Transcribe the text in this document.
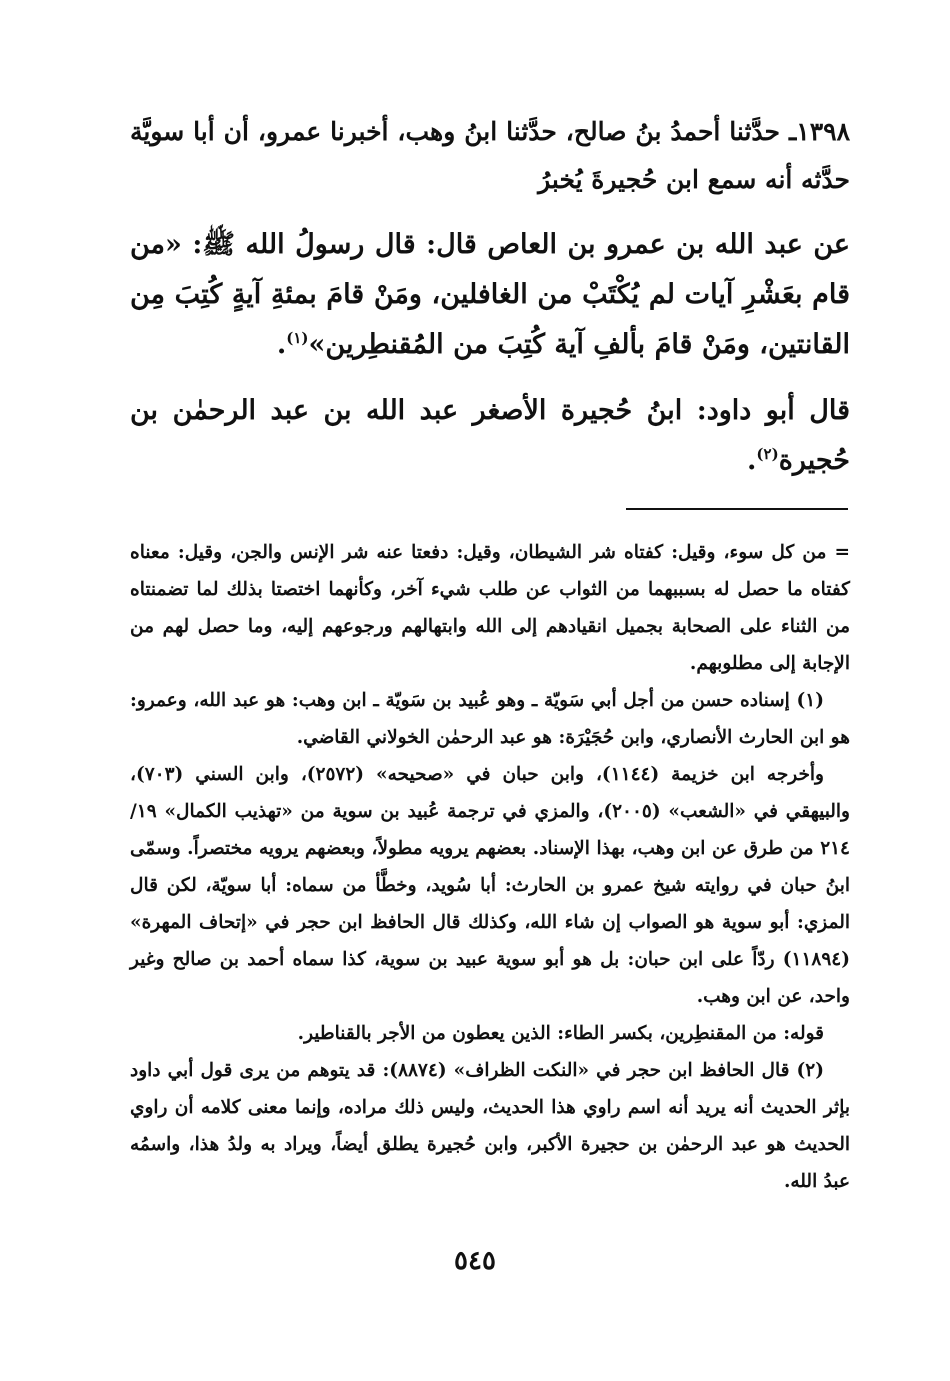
١٣٩٨ـ حدَّثنا أحمدُ بنُ صالح، حدَّثنا ابنُ وهب، أخبرنا عمرو، أن أبا سويَّة حدَّثه أنه سمع ابن حُجيرةَ يُخبرُ

عن عبد الله بن عمرو بن العاص قال: قال رسولُ الله ﷺ: «من قام بعَشْرِ آيات لم يُكْتَبْ من الغافلين، ومَنْ قامَ بمئةِ آيةٍ كُتِبَ مِن القانتين، ومَنْ قامَ بألفِ آية كُتِبَ من المُقنطِرين»$^{(١)}$.

قال أبو داود: ابنُ حُجيرة الأصغر عبد الله بن عبد الرحمٰن بن حُجيرة$^{(٢)}$.

= من كل سوء، وقيل: كفتاه شر الشيطان، وقيل: دفعتا عنه شر الإنس والجن، وقيل: معناه كفتاه ما حصل له بسببهما من الثواب عن طلب شيء آخر، وكأنهما اختصتا بذلك لما تضمنتاه من الثناء على الصحابة بجميل انقيادهم إلى الله وابتهالهم ورجوعهم إليه، وما حصل لهم من الإجابة إلى مطلوبهم.

(١) إسناده حسن من أجل أبي سَويّة ـ وهو عُبيد بن سَويّة ـ ابن وهب: هو عبد الله، وعمرو: هو ابن الحارث الأنصاري، وابن حُجَيْرَة: هو عبد الرحمٰن الخولاني القاضي.

وأخرجه ابن خزيمة (١١٤٤)، وابن حبان في «صحيحه» (٢٥٧٢)، وابن السني (٧٠٣)، والبيهقي في «الشعب» (٢٠٠٥)، والمزي في ترجمة عُبيد بن سوية من «تهذيب الكمال» ١٩/ ٢١٤ من طرق عن ابن وهب، بهذا الإسناد. بعضهم يرويه مطولاً، وبعضهم يرويه مختصراً. وسمّى ابنُ حبان في روايته شيخ عمرو بن الحارث: أبا سُويد، وخطَّأ من سماه: أبا سويّة، لكن قال المزي: أبو سوية هو الصواب إن شاء الله، وكذلك قال الحافظ ابن حجر في «إتحاف المهرة» (١١٨٩٤) ردّاً على ابن حبان: بل هو أبو سوية عبيد بن سوية، كذا سماه أحمد بن صالح وغير واحد، عن ابن وهب.

قوله: من المقنطِرين، بكسر الطاء: الذين يعطون من الأجر بالقناطير.

(٢) قال الحافظ ابن حجر في «النكت الظراف» (٨٨٧٤): قد يتوهم من يرى قول أبي داود بإثر الحديث أنه يريد أنه اسم راوي هذا الحديث، وليس ذلك مراده، وإنما معنى كلامه أن راوي الحديث هو عبد الرحمٰن بن حجيرة الأكبر، وابن حُجيرة يطلق أيضاً، ويراد به ولدُ هذا، واسمُه عبدُ الله.

٥٤٥
